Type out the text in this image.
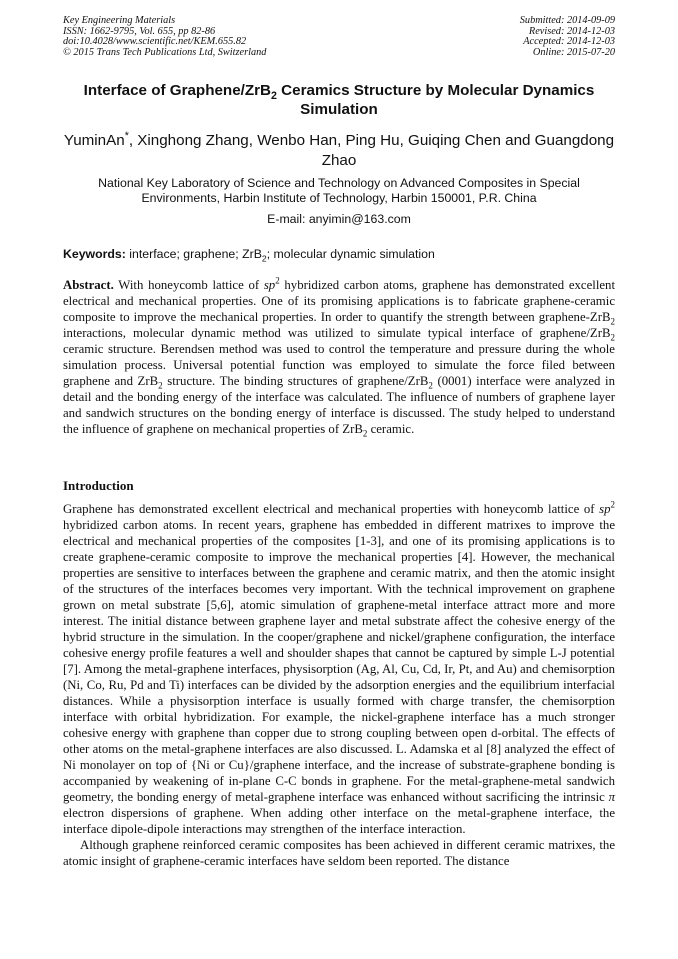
Key Engineering Materials
ISSN: 1662-9795, Vol. 655, pp 82-86
doi:10.4028/www.scientific.net/KEM.655.82
© 2015 Trans Tech Publications Ltd, Switzerland
Submitted: 2014-09-09
Revised: 2014-12-03
Accepted: 2014-12-03
Online: 2015-07-20
Interface of Graphene/ZrB$_2$ Ceramics Structure by Molecular Dynamics Simulation
YuminAn*, Xinghong Zhang, Wenbo Han, Ping Hu, Guiqing Chen and Guangdong Zhao
National Key Laboratory of Science and Technology on Advanced Composites in Special Environments, Harbin Institute of Technology, Harbin 150001, P.R. China
E-mail: anyimin@163.com
Keywords: interface; graphene; ZrB$_2$; molecular dynamic simulation
Abstract. With honeycomb lattice of $sp^2$ hybridized carbon atoms, graphene has demonstrated excellent electrical and mechanical properties. One of its promising applications is to fabricate graphene-ceramic composite to improve the mechanical properties. In order to quantify the strength between graphene-ZrB$_2$ interactions, molecular dynamic method was utilized to simulate typical interface of graphene/ZrB$_2$ ceramic structure. Berendsen method was used to control the temperature and pressure during the whole simulation process. Universal potential function was employed to simulate the force filed between graphene and ZrB$_2$ structure. The binding structures of graphene/ZrB$_2$ (0001) interface were analyzed in detail and the bonding energy of the interface was calculated. The influence of numbers of graphene layer and sandwich structures on the bonding energy of interface is discussed. The study helped to understand the influence of graphene on mechanical properties of ZrB$_2$ ceramic.
Introduction

Graphene has demonstrated excellent electrical and mechanical properties with honeycomb lattice of $sp^2$ hybridized carbon atoms. In recent years, graphene has embedded in different matrixes to improve the electrical and mechanical properties of the composites [1-3], and one of its promising applications is to create graphene-ceramic composite to improve the mechanical properties [4]. However, the mechanical properties are sensitive to interfaces between the graphene and ceramic matrix, and then the atomic insight of the structures of the interfaces becomes very important. With the technical improvement on graphene grown on metal substrate [5,6], atomic simulation of graphene-metal interface attract more and more interest. The initial distance between graphene layer and metal substrate affect the cohesive energy of the hybrid structure in the simulation. In the cooper/graphene and nickel/graphene configuration, the interface cohesive energy profile features a well and shoulder shapes that cannot be captured by simple L-J potential [7]. Among the metal-graphene interfaces, physisorption (Ag, Al, Cu, Cd, Ir, Pt, and Au) and chemisorption (Ni, Co, Ru, Pd and Ti) interfaces can be divided by the adsorption energies and the equilibrium interfacial distances. While a physisorption interface is usually formed with charge transfer, the chemisorption interface with orbital hybridization. For example, the nickel-graphene interface has a much stronger cohesive energy with graphene than copper due to strong coupling between open d-orbital. The effects of other atoms on the metal-graphene interfaces are also discussed. L. Adamska et al [8] analyzed the effect of Ni monolayer on top of {Ni or Cu}/graphene interface, and the increase of substrate-graphene bonding is accompanied by weakening of in-plane C-C bonds in graphene. For the metal-graphene-metal sandwich geometry, the bonding energy of metal-graphene interface was enhanced without sacrificing the intrinsic π electron dispersions of graphene. When adding other interface on the metal-graphene interface, the interface dipole-dipole interactions may strengthen of the interface interaction.

Although graphene reinforced ceramic composites has been achieved in different ceramic matrixes, the atomic insight of graphene-ceramic interfaces have seldom been reported. The distance
